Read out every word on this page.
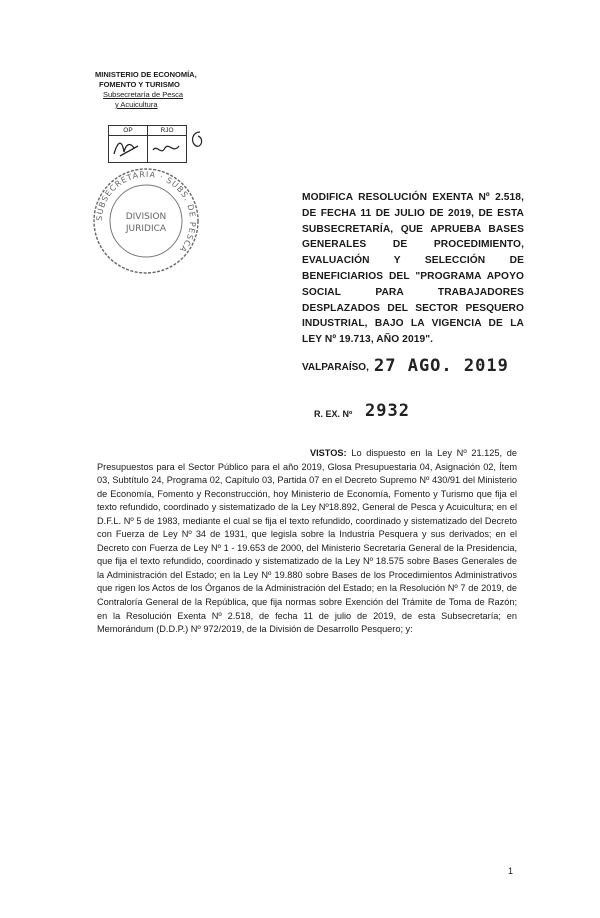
MINISTERIO DE ECONOMÍA,
FOMENTO Y TURISMO
Subsecretaría de Pesca
y Acuicultura
OP	RJO

SUBSECRETARIA · SUBS. DE PESCA
DIVISION
JURIDICA
MODIFICA RESOLUCIÓN EXENTA Nº 2.518, DE FECHA 11 DE JULIO DE 2019, DE ESTA SUBSECRETARÍA, QUE APRUEBA BASES GENERALES DE PROCEDIMIENTO, EVALUACIÓN Y SELECCIÓN DE BENEFICIARIOS DEL "PROGRAMA APOYO SOCIAL PARA TRABAJADORES DESPLAZADOS DEL SECTOR PESQUERO INDUSTRIAL, BAJO LA VIGENCIA DE LA LEY Nº 19.713, AÑO 2019".
VALPARAÍSO, 27 AGO. 2019
R. EX. Nº 2932
VISTOS: Lo dispuesto en la Ley Nº 21.125, de Presupuestos para el Sector Público para el año 2019, Glosa Presupuestaria 04, Asignación 02, Ítem 03, Subtítulo 24, Programa 02, Capítulo 03, Partida 07 en el Decreto Supremo Nº 430/91 del Ministerio de Economía, Fomento y Reconstrucción, hoy Ministerio de Economía, Fomento y Turismo que fija el texto refundido, coordinado y sistematizado de la Ley Nº18.892, General de Pesca y Acuicultura; en el D.F.L. Nº 5 de 1983, mediante el cual se fija el texto refundido, coordinado y sistematizado del Decreto con Fuerza de Ley Nº 34 de 1931, que legisla sobre la Industria Pesquera y sus derivados; en el Decreto con Fuerza de Ley Nº 1 - 19.653 de 2000, del Ministerio Secretaría General de la Presidencia, que fija el texto refundido, coordinado y sistematizado de la Ley Nº 18.575 sobre Bases Generales de la Administración del Estado; en la Ley Nº 19.880 sobre Bases de los Procedimientos Administrativos que rigen los Actos de los Órganos de la Administración del Estado; en la Resolución Nº 7 de 2019, de Contraloría General de la República, que fija normas sobre Exención del Trámite de Toma de Razón; en la Resolución Exenta Nº 2.518, de fecha 11 de julio de 2019, de esta Subsecretaría; en Memorándum (D.D.P.) Nº 972/2019, de la División de Desarrollo Pesquero; y:
1
